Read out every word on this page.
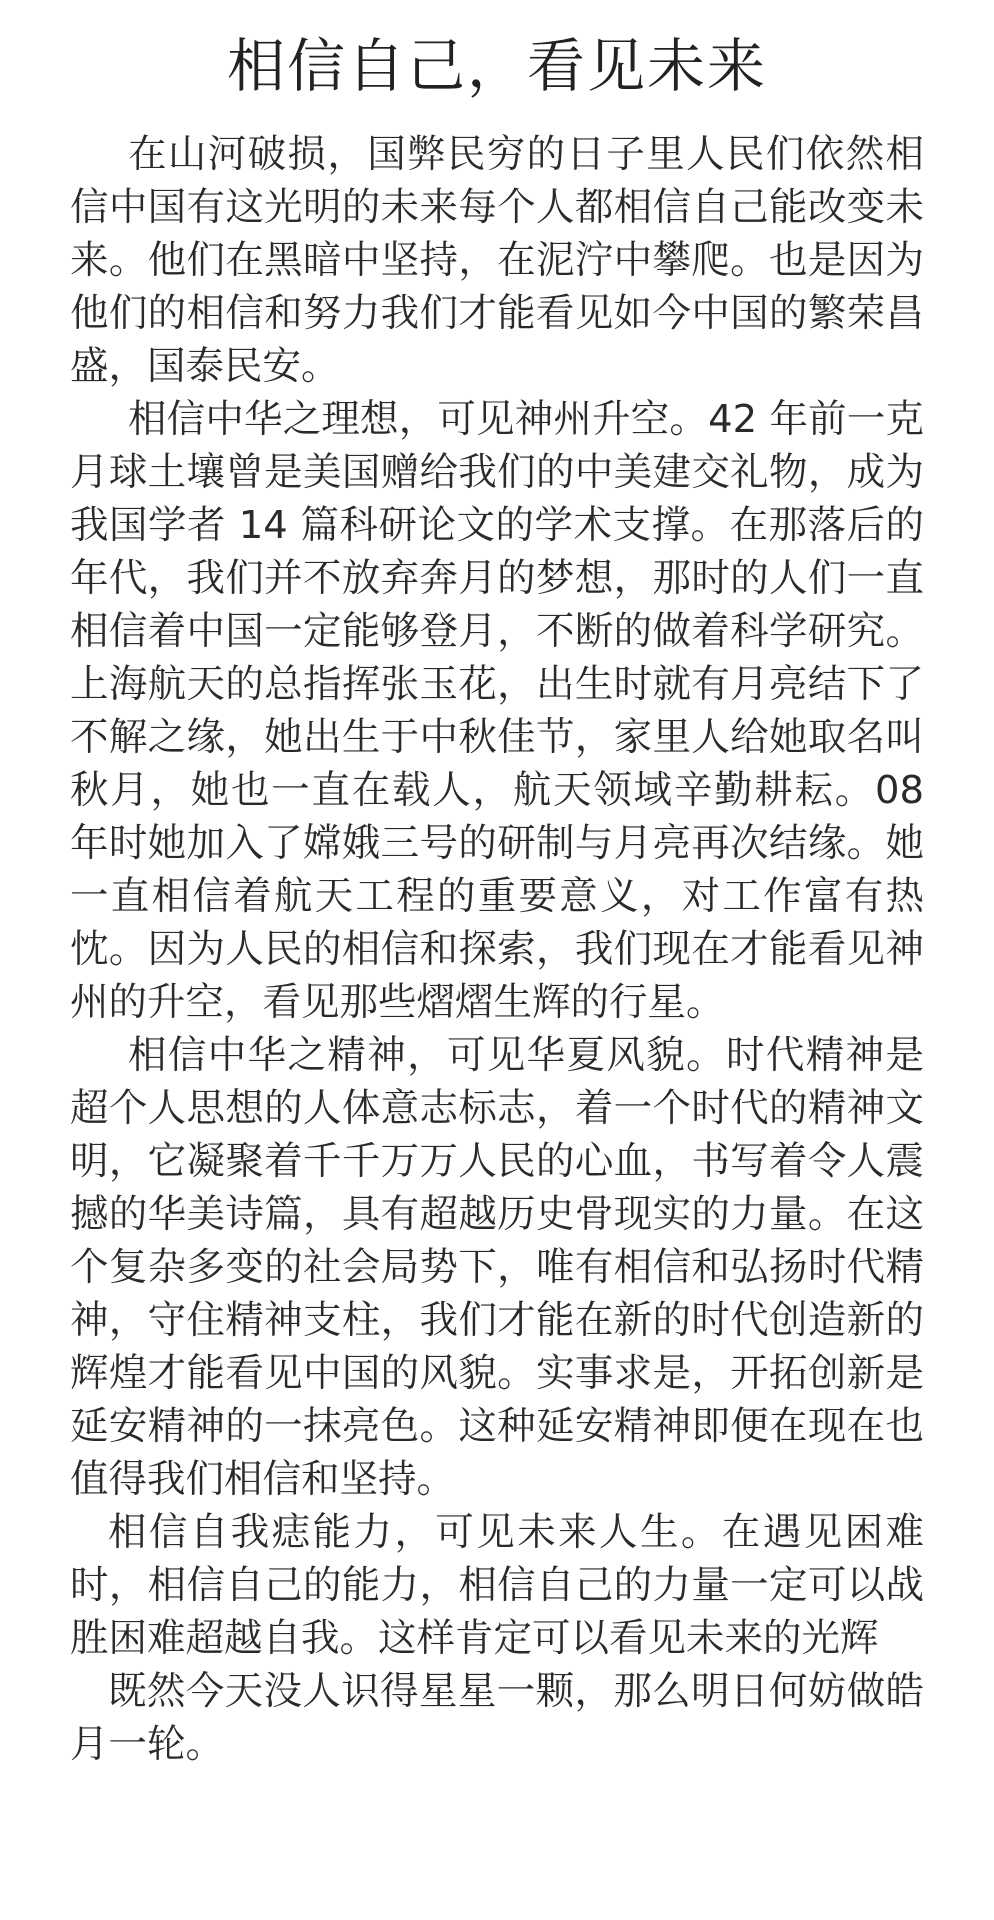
相信自己，看见未来

在山河破损，国弊民穷的日子里人民们依然相信中国有这光明的未来每个人都相信自己能改变未来。他们在黑暗中坚持，在泥泞中攀爬。也是因为他们的相信和努力我们才能看见如今中国的繁荣昌盛，国泰民安。

相信中华之理想，可见神州升空。42 年前一克月球土壤曾是美国赠给我们的中美建交礼物，成为我国学者 14 篇科研论文的学术支撑。在那落后的年代，我们并不放弃奔月的梦想，那时的人们一直相信着中国一定能够登月，不断的做着科学研究。上海航天的总指挥张玉花，出生时就有月亮结下了不解之缘，她出生于中秋佳节，家里人给她取名叫秋月，她也一直在载人，航天领域辛勤耕耘。08 年时她加入了嫦娥三号的研制与月亮再次结缘。她一直相信着航天工程的重要意义，对工作富有热忱。因为人民的相信和探索，我们现在才能看见神州的升空，看见那些熠熠生辉的行星。

相信中华之精神，可见华夏风貌。时代精神是超个人思想的人体意志标志，着一个时代的精神文明，它凝聚着千千万万人民的心血，书写着令人震撼的华美诗篇，具有超越历史骨现实的力量。在这个复杂多变的社会局势下，唯有相信和弘扬时代精神，守住精神支柱，我们才能在新的时代创造新的辉煌才能看见中国的风貌。实事求是，开拓创新是延安精神的一抹亮色。这种延安精神即便在现在也值得我们相信和坚持。

相信自我痣能力，可见未来人生。在遇见困难时，相信自己的能力，相信自己的力量一定可以战胜困难超越自我。这样肯定可以看见未来的光辉

既然今天没人识得星星一颗，那么明日何妨做皓月一轮。
